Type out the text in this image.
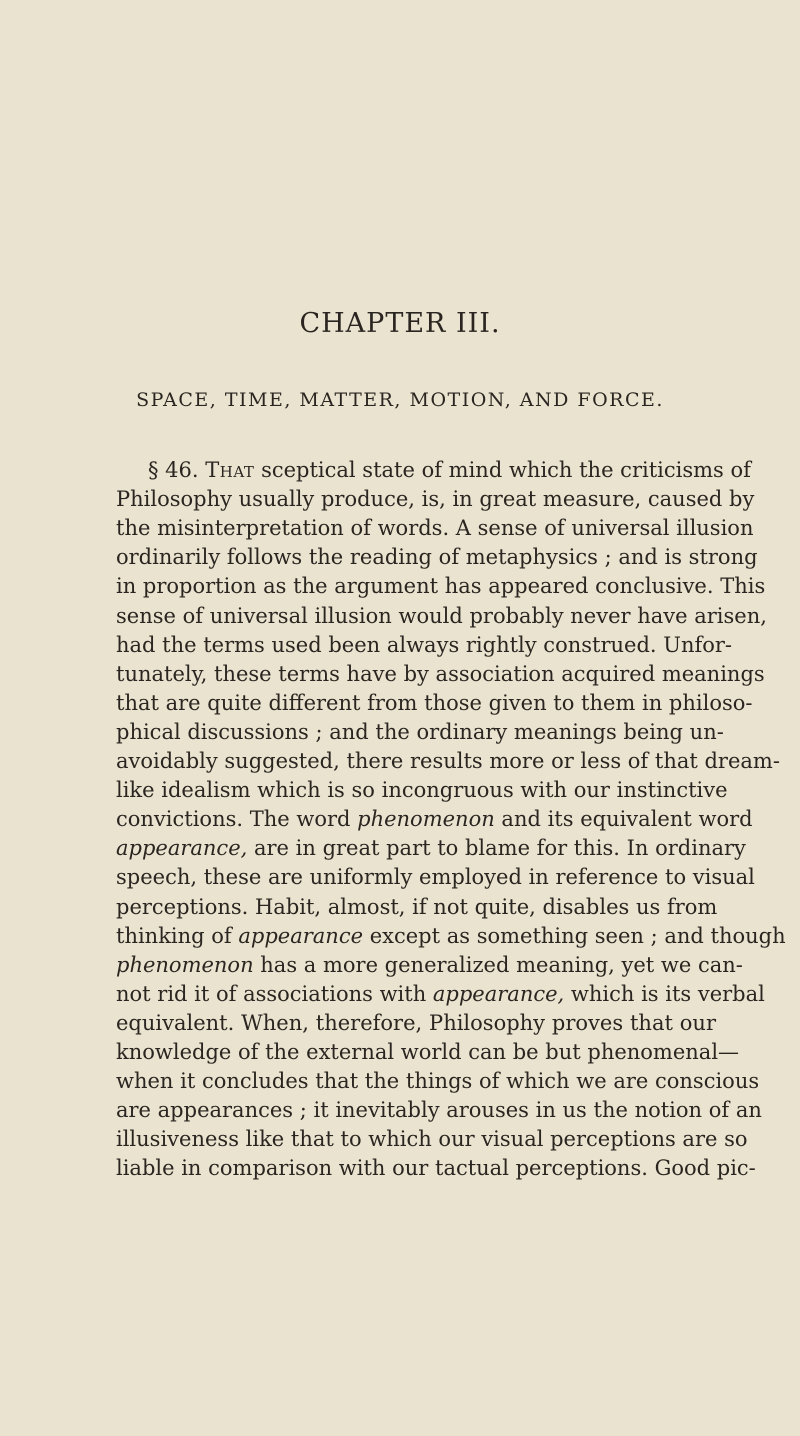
CHAPTER III.
SPACE, TIME, MATTER, MOTION, AND FORCE.
§ 46. That sceptical state of mind which the criticisms of
Philosophy usually produce, is, in great measure, caused by
the misinterpretation of words. A sense of universal illusion
ordinarily follows the reading of metaphysics ; and is strong
in proportion as the argument has appeared conclusive. This
sense of universal illusion would probably never have arisen,
had the terms used been always rightly construed. Unfor-
tunately, these terms have by association acquired meanings
that are quite different from those given to them in philoso-
phical discussions ; and the ordinary meanings being un-
avoidably suggested, there results more or less of that dream-
like idealism which is so incongruous with our instinctive
convictions. The word phenomenon and its equivalent word
appearance, are in great part to blame for this. In ordinary
speech, these are uniformly employed in reference to visual
perceptions. Habit, almost, if not quite, disables us from
thinking of appearance except as something seen ; and though
phenomenon has a more generalized meaning, yet we can-
not rid it of associations with appearance, which is its verbal
equivalent. When, therefore, Philosophy proves that our
knowledge of the external world can be but phenomenal—
when it concludes that the things of which we are conscious
are appearances ; it inevitably arouses in us the notion of an
illusiveness like that to which our visual perceptions are so
liable in comparison with our tactual perceptions. Good pic-
